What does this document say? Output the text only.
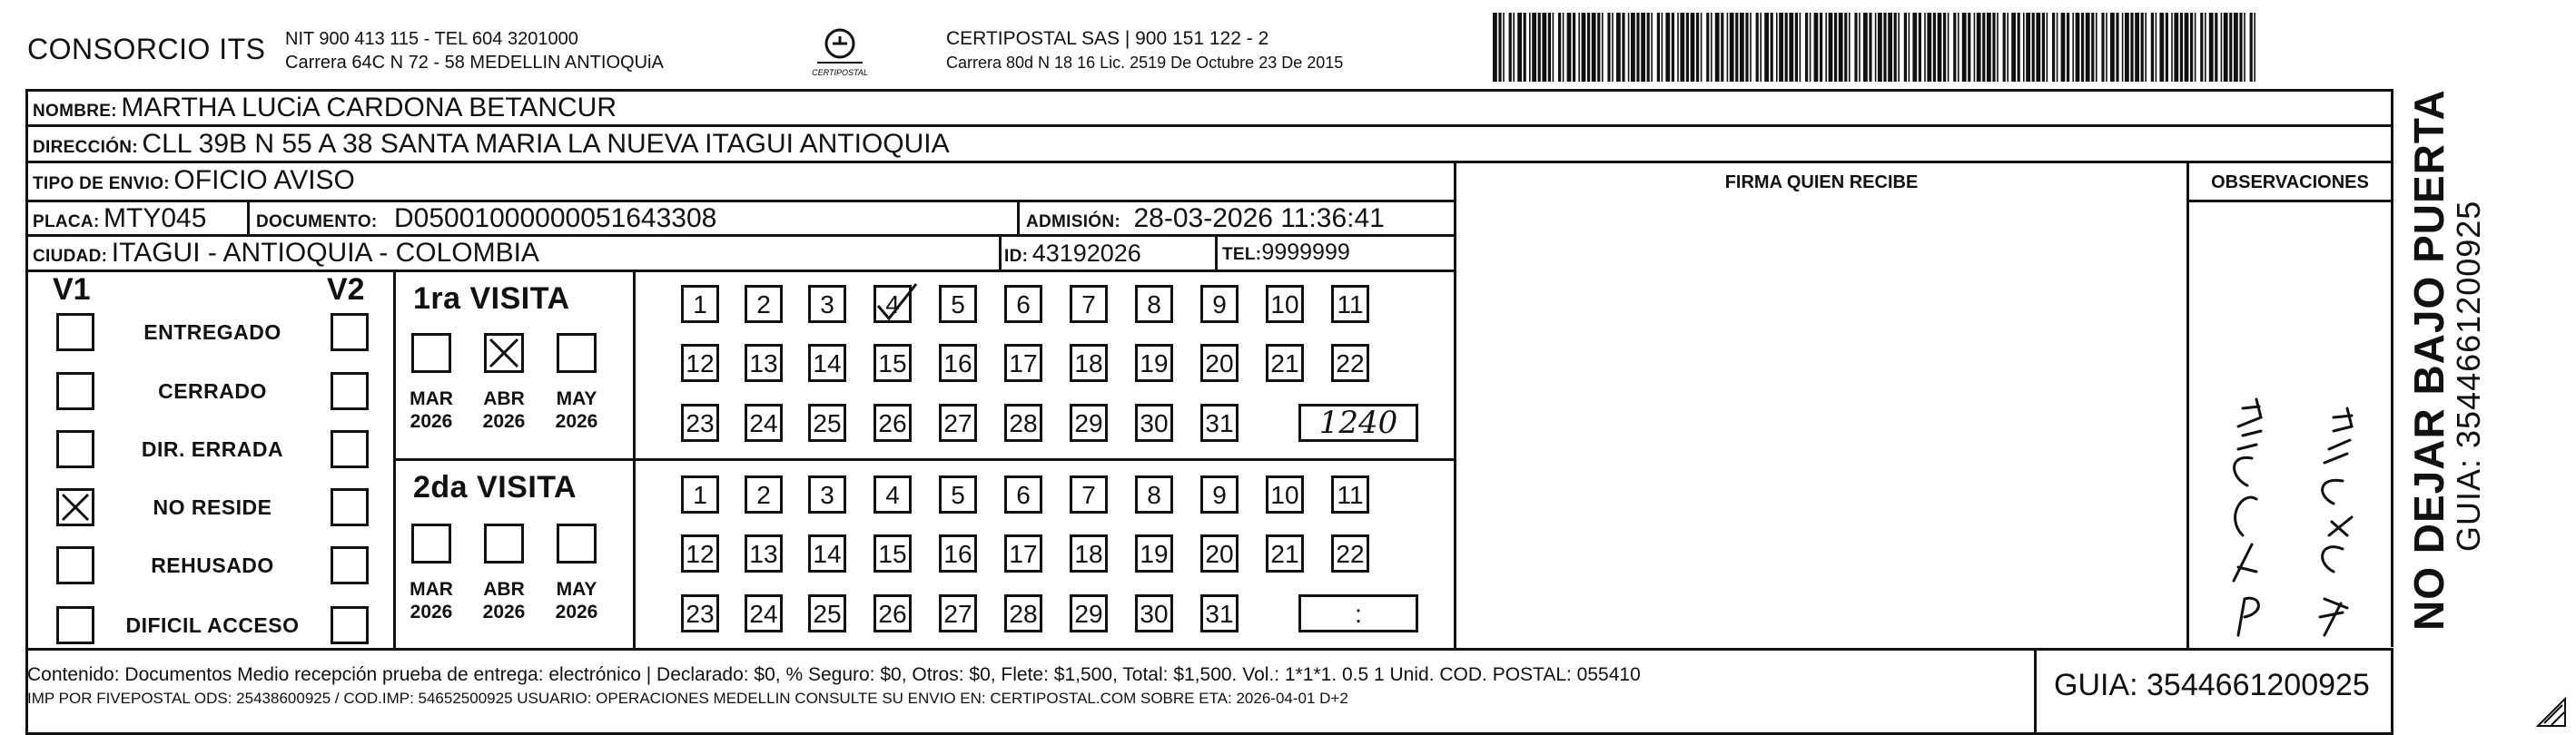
CONSORCIO ITS NIT 900 413 115 - TEL 604 3201000
Carrera 64C N 72 - 58 MEDELLIN ANTIOQUiA	CERTIPOSTAL
CERTIPOSTAL SAS | 900 151 122 - 2
Carrera 80d N 18 16 Lic. 2519 De Octubre 23 De 2015
NOMBRE: MARTHA LUCiA CARDONA BETANCUR
DIRECCIÓN: CLL 39B N 55 A 38 SANTA MARIA LA NUEVA ITAGUI ANTIOQUIA
TIPO DE ENVIO: OFICIO AVISO	FIRMA QUIEN RECIBE	OBSERVACIONES
PLACA: MTY045	DOCUMENTO: D05001000000051643308	ADMISIÓN: 28-03-2026 11:36:41
CIUDAD: ITAGUI - ANTIOQUIA - COLOMBIA	ID: 43192026	TEL:9999999
V1	V2
ENTREGADO
CERRADO
DIR. ERRADA
NO RESIDE
REHUSADO
DIFICIL ACCESO
1ra VISITA
2da VISITA
MAR
2026
ABR
2026
MAY
2026
1	2	3	4	5	6	7	8	9	10 11
12 13 14 15 16 17 18 19 20 21 22
23 24 25 26 27 28 29 30 31	1240
MAR
2026
ABR
2026
MAY
2026
1	2	3	4	5	6	7	8	9	10 11
12 13 14 15 16 17 18 19 20 21 22
23 24 25 26 27 28 29 30 31	:
Contenido: Documentos Medio recepción prueba de entrega: electrónico | Declarado: $0, % Seguro: $0, Otros: $0, Flete: $1,500, Total: $1,500. Vol.: 1*1*1. 0.5 1 Unid. COD. POSTAL: 055410
IMP POR FIVEPOSTAL ODS: 25438600925 / COD.IMP: 54652500925 USUARIO: OPERACIONES MEDELLIN CONSULTE SU ENVIO EN: CERTIPOSTAL.COM SOBRE ETA: 2026-04-01 D+2	GUIA: 3544661200925
NO DEJAR BAJO PUERTA
GUIA: 3544661200925
